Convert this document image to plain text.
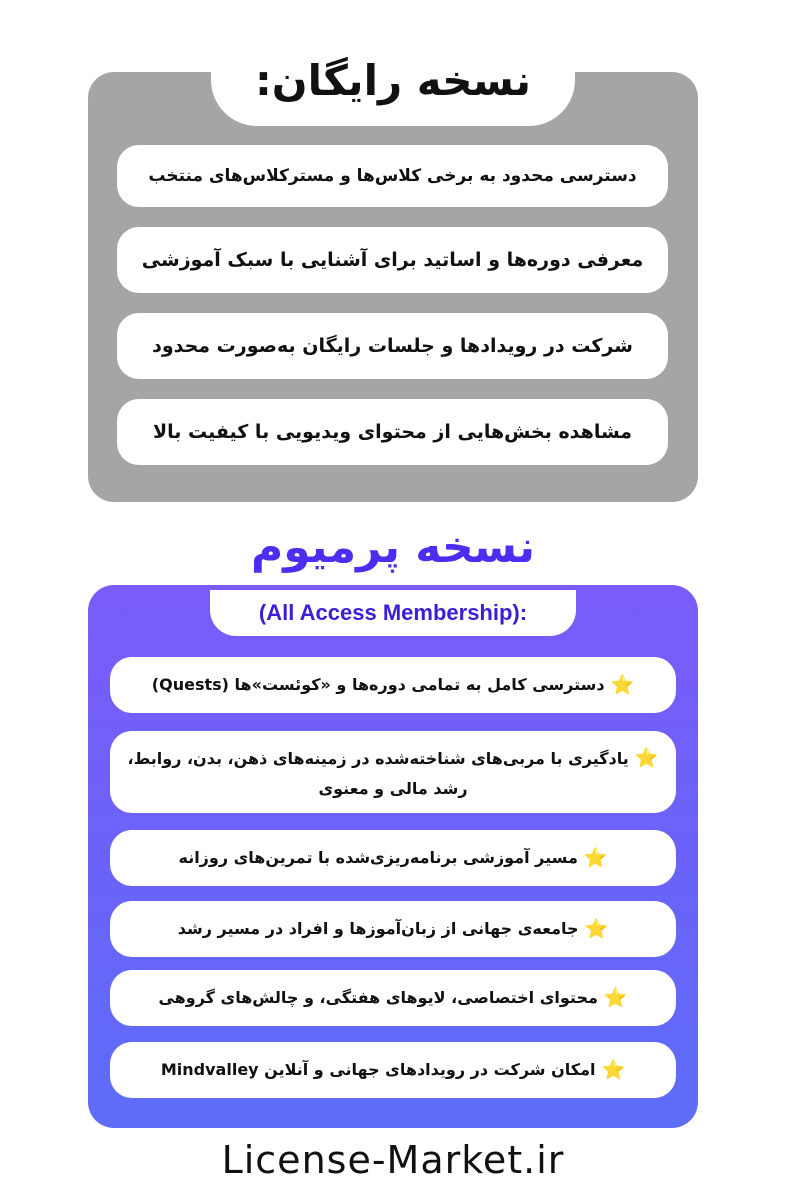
نسخه رایگان:
دسترسی محدود به برخی کلاس‌ها و مسترکلاس‌های منتخب
معرفی دوره‌ها و اساتید برای آشنایی با سبک آموزشی
شرکت در رویدادها و جلسات رایگان به‌صورت محدود
مشاهده بخش‌هایی از محتوای ویدیویی با کیفیت بالا
نسخه پرمیوم
(All Access Membership):
⭐
دسترسی کامل به تمامی دوره‌ها و «کوئست»ها (Quests)
⭐یادگیری با مربی‌های شناخته‌شده در زمینه‌های ذهن، بدن، روابط، رشد مالی و معنوی
⭐
مسیر آموزشی برنامه‌ریزی‌شده با تمرین‌های روزانه
⭐
جامعه‌ی جهانی از زبان‌آموزها و افراد در مسیر رشد
⭐
محتوای اختصاصی، لایوهای هفتگی، و چالش‌های گروهی
⭐
امکان شرکت در رویدادهای جهانی و آنلاین Mindvalley

License-Market.ir
